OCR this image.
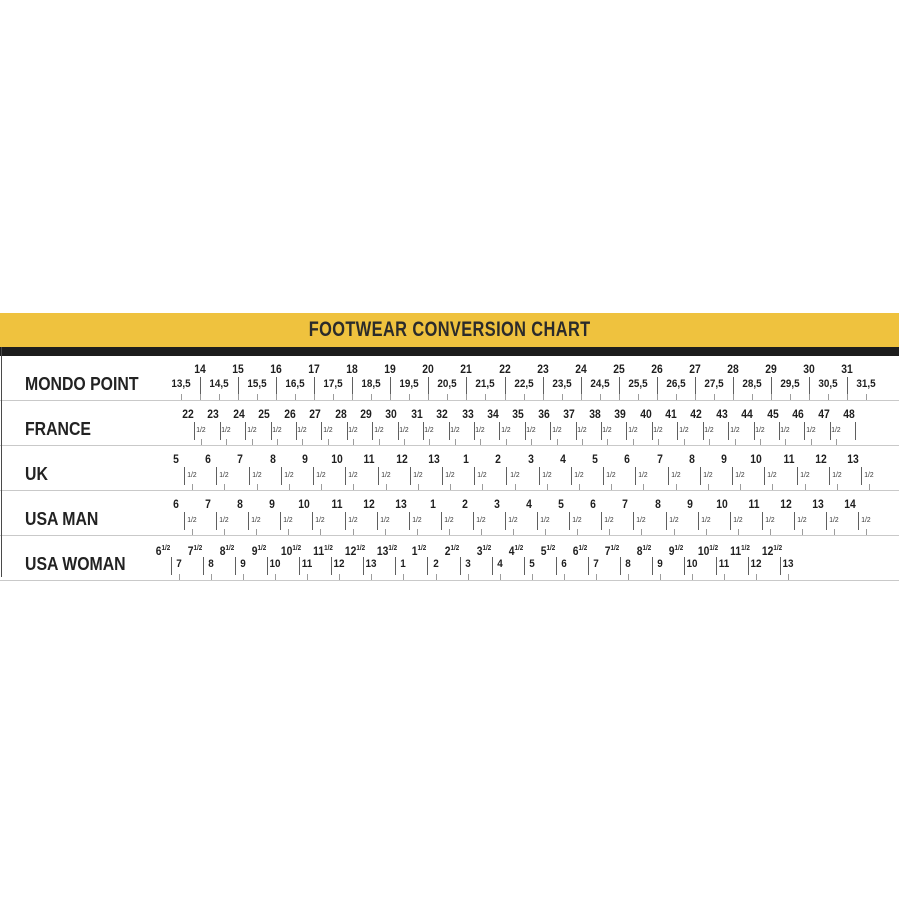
FOOTWEAR CONVERSION CHART
MONDO POINT	13,5
14
14,5
15
15,5
16
16,5
17
17,5
18
18,5
19
19,5
20
20,5
21
21,5
22
22,5
23
23,5
24
24,5
25
25,5
26
26,5
27
27,5
28
28,5
29
29,5
30
30,5
31
31,5
FRANCE
22
1/2
23
1/2
24
1/2
25
1/2
26
1/2
27
1/2
28
1/2
29
1/2
30
1/2
31
1/2
32
1/2
33
1/2
34
1/2
35
1/2
36
1/2
37
1/2
38
1/2
39
1/2
40
1/2
41
1/2
42
1/2
43
1/2
44
1/2
45
1/2
46
1/2
47
1/2
48
UK
5
1/2
6
1/2
7
1/2
8
1/2
9
1/2
10
1/2
11
1/2
12
1/2
13
1/2
1
1/2
2
1/2
3
1/2
4
1/2
5
1/2
6
1/2
7
1/2
8
1/2
9
1/2
10
1/2
11
1/2
12
1/2
13
1/2
USA MAN
6
1/2
7
1/2
8
1/2
9
1/2
10
1/2
11
1/2
12
1/2
13
1/2
1
1/2
2
1/2
3
1/2
4
1/2
5
1/2
6
1/2
7
1/2
8
1/2
9
1/2
10
1/2
11
1/2
12
1/2
13
1/2
14
1/2
USA WOMAN
$6^{1/2}$
7
$7^{1/2}$
8
$8^{1/2}$
9
$9^{1/2}$
10
$10^{1/2}$
11
$11^{1/2}$
12
$12^{1/2}$
13
$13^{1/2}$
1
$1^{1/2}$
2
$2^{1/2}$
3
$3^{1/2}$
4
$4^{1/2}$
5
$5^{1/2}$
6
$6^{1/2}$
7
$7^{1/2}$
8
$8^{1/2}$
9
$9^{1/2}$
10
$10^{1/2}$
11
$11^{1/2}$
12
$12^{1/2}$
13
